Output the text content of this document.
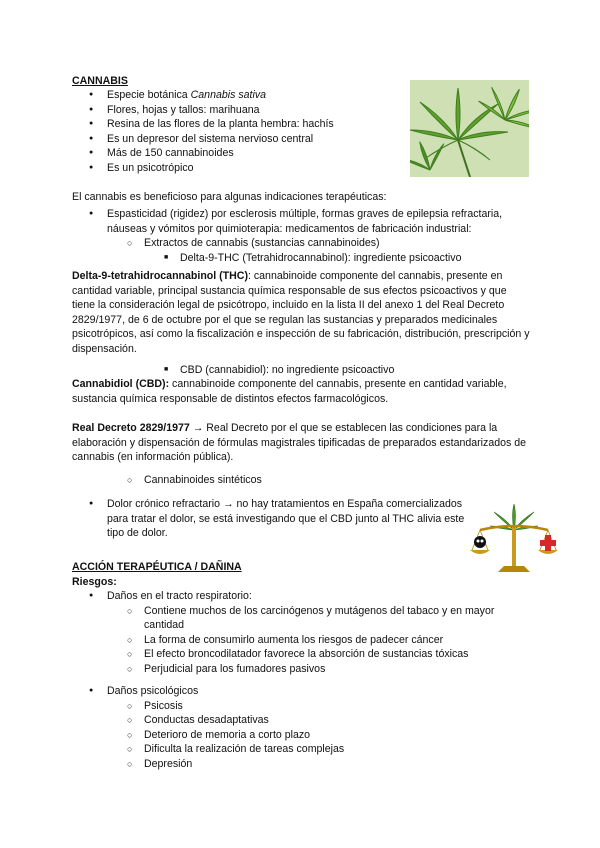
CANNABIS
● Especie botánica Cannabis sativa
● Flores, hojas y tallos: marihuana
● Resina de las flores de la planta hembra: hachís
● Es un depresor del sistema nervioso central
● Más de 150 cannabinoides
● Es un psicotrópico

El cannabis es beneficioso para algunas indicaciones terapéuticas:

● Espasticidad (rigidez) por esclerosis múltiple, formas graves de epilepsia refractaria, náuseas y vómitos por quimioterapia: medicamentos de fabricación industrial:
○ Extractos de cannabis (sustancias cannabinoides)
■ Delta-9-THC (Tetrahidrocannabinol): ingrediente psicoactivo

Delta-9-tetrahidrocannabinol (THC): cannabinoide componente del cannabis, presente en cantidad variable, principal sustancia química responsable de sus efectos psicoactivos y que tiene la consideración legal de psicótropo, incluido en la lista II del anexo 1 del Real Decreto 2829/1977, de 6 de octubre por el que se regulan las sustancias y preparados medicinales psicotrópicos, así como la fiscalización e inspección de su fabricación, distribución, prescripción y dispensación.

■ CBD (cannabidiol): no ingrediente psicoactivo

Cannabidiol (CBD): cannabinoide componente del cannabis, presente en cantidad variable, sustancia química responsable de distintos efectos farmacológicos.

Real Decreto 2829/1977 → Real Decreto por el que se establecen las condiciones para la elaboración y dispensación de fórmulas magistrales tipificadas de preparados estandarizados de cannabis (en información pública).

○ Cannabinoides sintéticos
● Dolor crónico refractario → no hay tratamientos en España comercializados para tratar el dolor, se está investigando que el CBD junto al THC alivia este tipo de dolor.
ACCIÓN TERAPÉUTICA / DAÑINA
Riesgos:
● Daños en el tracto respiratorio:
○ Contiene muchos de los carcinógenos y mutágenos del tabaco y en mayor cantidad
○ La forma de consumirlo aumenta los riesgos de padecer cáncer
○ El efecto broncodilatador favorece la absorción de sustancias tóxicas
○ Perjudicial para los fumadores pasivos
● Daños psicológicos
○ Psicosis
○ Conductas desadaptativas
○ Deterioro de memoria a corto plazo
○ Dificulta la realización de tareas complejas
○ Depresión
